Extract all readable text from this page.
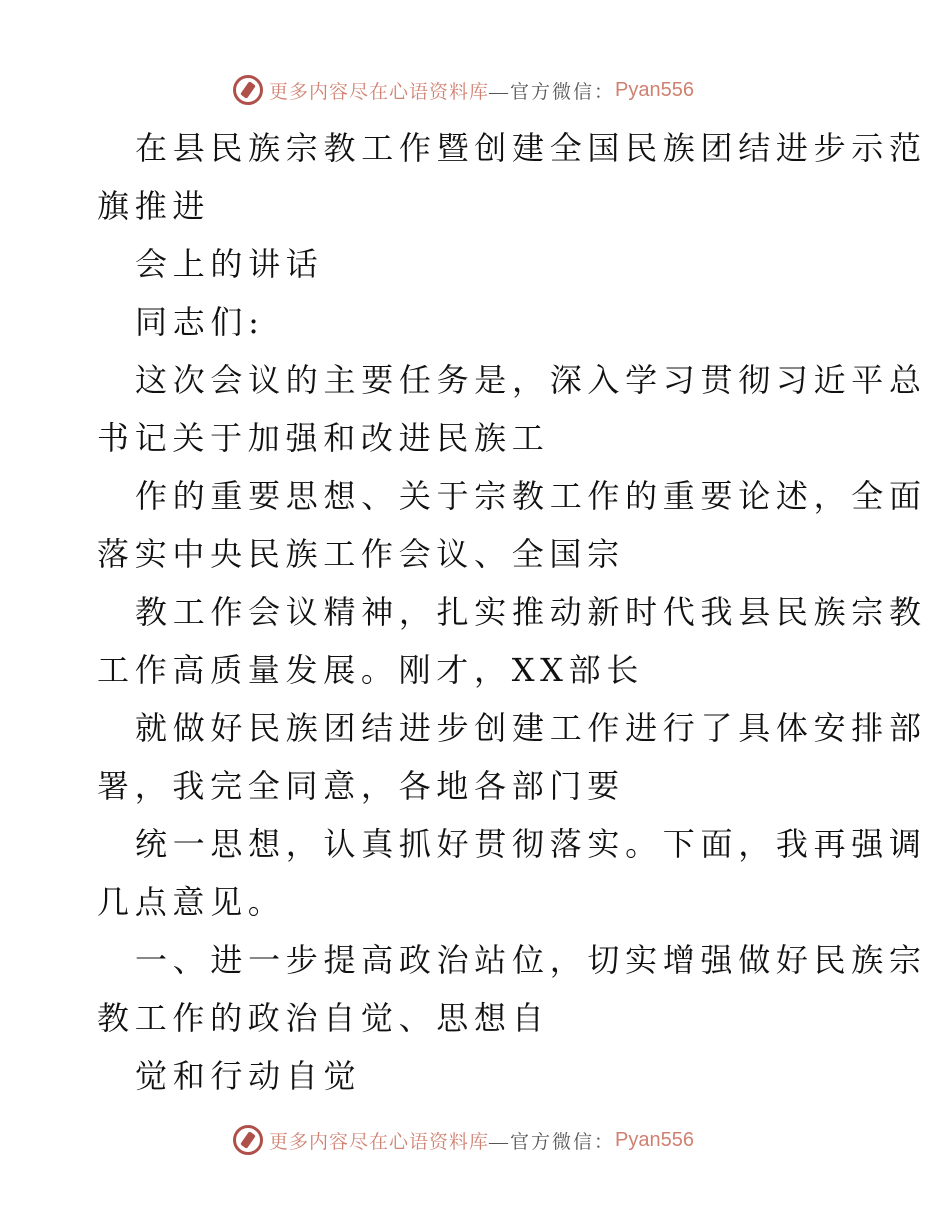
更多内容尽在心语资料库 —官方微信： Pyan556
在县民族宗教工作暨创建全国民族团结进步示范
旗推进
会上的讲话
同志们:
这次会议的主要任务是，深入学习贯彻习近平总
书记关于加强和改进民族工
作的重要思想、关于宗教工作的重要论述，全面
落实中央民族工作会议、全国宗
教工作会议精神，扎实推动新时代我县民族宗教
工作高质量发展。刚才，XX部长
就做好民族团结进步创建工作进行了具体安排部
署，我完全同意，各地各部门要
统一思想，认真抓好贯彻落实。下面，我再强调
几点意见。
一、进一步提高政治站位，切实增强做好民族宗
教工作的政治自觉、思想自
觉和行动自觉
更多内容尽在心语资料库 —官方微信： Pyan556
